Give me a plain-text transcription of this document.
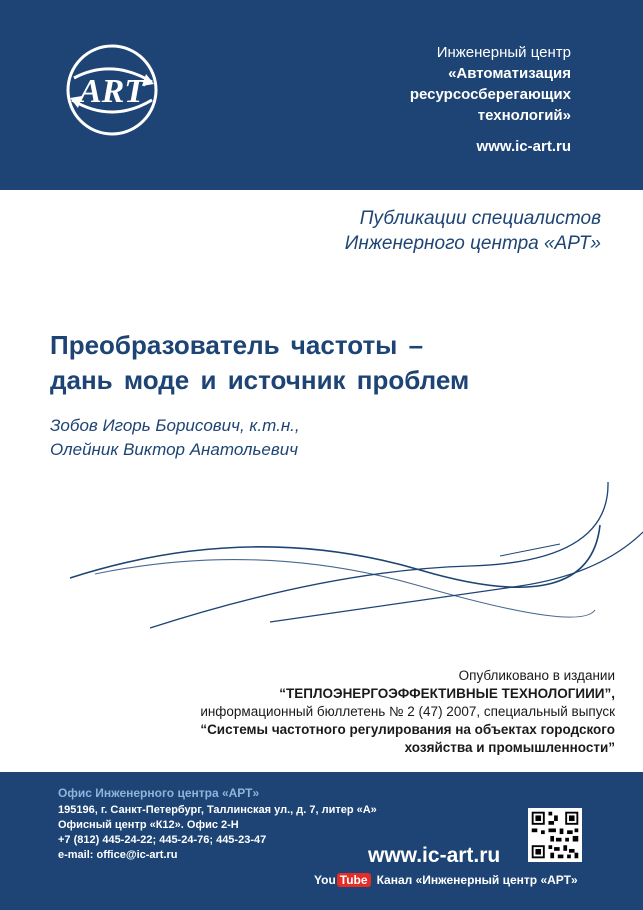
ART
Инженерный центр
«Автоматизация
ресурсосберегающих
технологий»
www.ic-art.ru
Публикации специалистов
Инженерного центра «АРТ»
Преобразователь частоты –
дань моде и источник проблем
Зобов Игорь Борисович, к.т.н.,
Олейник Виктор Анатольевич
Опубликовано в издании
“ТЕПЛОЭНЕРГОЭФФЕКТИВНЫЕ ТЕХНОЛОГИИИ”,
информационный бюллетень № 2 (47) 2007, специальный выпуск
“Системы частотного регулирования на объектах городского
хозяйства и промышленности”
Офис Инженерного центра «АРТ»
195196, г. Санкт-Петербург, Таллинская ул., д. 7, литер «А»
Офисный центр «К12». Офис 2-Н
+7 (812) 445-24-22; 445-24-76; 445-23-47
e-mail: office@ic-art.ru	www.ic-art.ru
You Tube Канал «Инженерный центр «АРТ»
